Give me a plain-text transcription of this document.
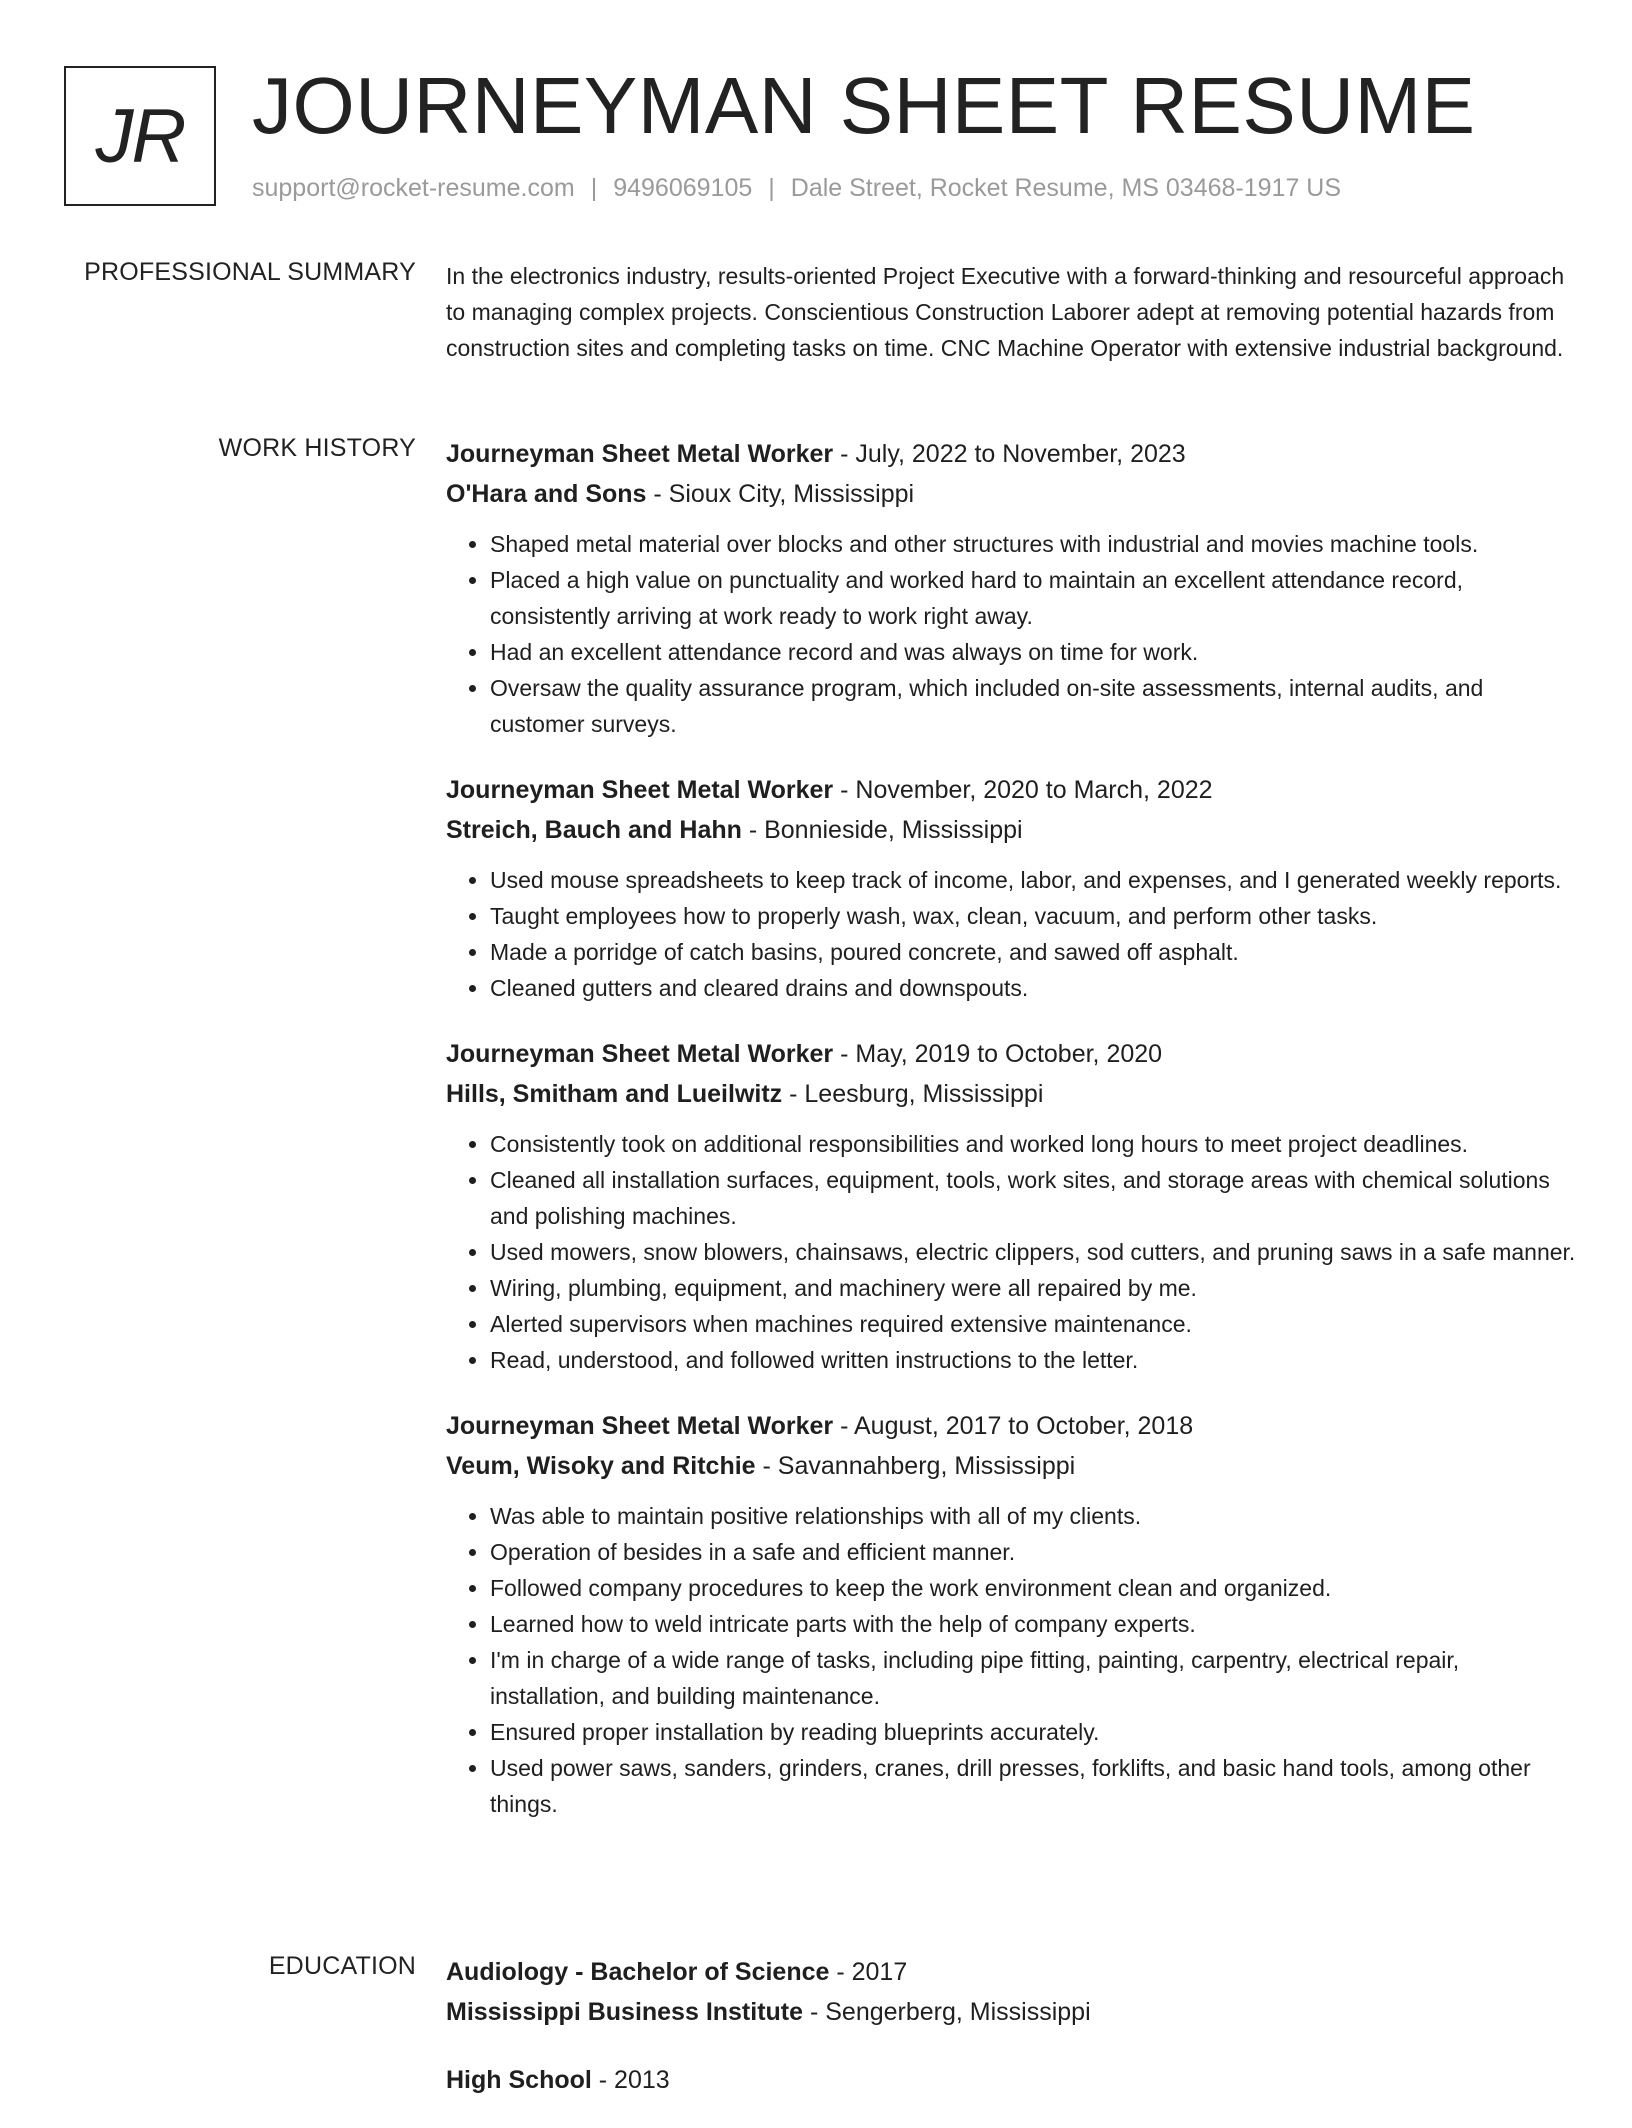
JR JOURNEYMAN SHEET RESUME
support@rocket-resume.com | 9496069105 | Dale Street, Rocket Resume, MS 03468-1917 US
PROFESSIONAL SUMMARY In the electronics industry, results-oriented Project Executive with a forward-thinking and resourceful approach to managing complex projects. Conscientious Construction Laborer adept at removing potential hazards from construction sites and completing tasks on time. CNC Machine Operator with extensive industrial background.

WORK HISTORY Journeyman Sheet Metal Worker - July, 2022 to November, 2023
O'Hara and Sons - Sioux City, Mississippi
• Shaped metal material over blocks and other structures with industrial and movies machine tools.
• Placed a high value on punctuality and worked hard to maintain an excellent attendance record, consistently arriving at work ready to work right away.
• Had an excellent attendance record and was always on time for work.
• Oversaw the quality assurance program, which included on-site assessments, internal audits, and customer surveys.
Journeyman Sheet Metal Worker - November, 2020 to March, 2022
Streich, Bauch and Hahn - Bonnieside, Mississippi
• Used mouse spreadsheets to keep track of income, labor, and expenses, and I generated weekly reports.
• Taught employees how to properly wash, wax, clean, vacuum, and perform other tasks.
• Made a porridge of catch basins, poured concrete, and sawed off asphalt.
• Cleaned gutters and cleared drains and downspouts.
Journeyman Sheet Metal Worker - May, 2019 to October, 2020
Hills, Smitham and Lueilwitz - Leesburg, Mississippi
• Consistently took on additional responsibilities and worked long hours to meet project deadlines.
• Cleaned all installation surfaces, equipment, tools, work sites, and storage areas with chemical solutions and polishing machines.
• Used mowers, snow blowers, chainsaws, electric clippers, sod cutters, and pruning saws in a safe manner.
• Wiring, plumbing, equipment, and machinery were all repaired by me.
• Alerted supervisors when machines required extensive maintenance.
• Read, understood, and followed written instructions to the letter.
Journeyman Sheet Metal Worker - August, 2017 to October, 2018
Veum, Wisoky and Ritchie - Savannahberg, Mississippi
• Was able to maintain positive relationships with all of my clients.
• Operation of besides in a safe and efficient manner.
• Followed company procedures to keep the work environment clean and organized.
• Learned how to weld intricate parts with the help of company experts.
• I'm in charge of a wide range of tasks, including pipe fitting, painting, carpentry, electrical repair, installation, and building maintenance.
• Ensured proper installation by reading blueprints accurately.
• Used power saws, sanders, grinders, cranes, drill presses, forklifts, and basic hand tools, among other things.
EDUCATION Audiology - Bachelor of Science - 2017
Mississippi Business Institute - Sengerberg, Mississippi
High School - 2013
